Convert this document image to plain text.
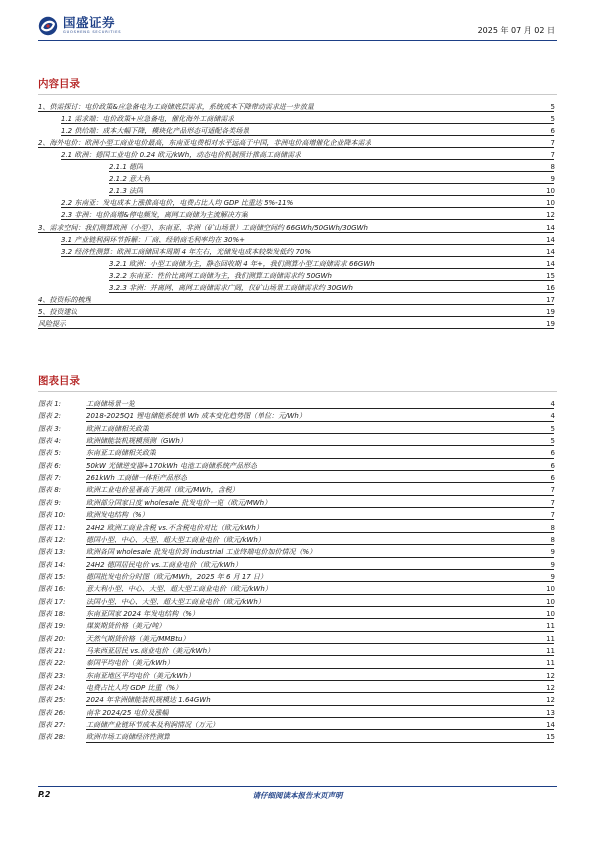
国盛证券
GUOSHENG SECURITIES	2025 年 07 月 02 日
内容目录
1、供需探讨：电价政策&应急备电为工商储底层需求，系统成本下降带动需求进一步放量	5
1.1 需求端：电价政策+应急备电，催化海外工商储需求	5
1.2 供给端：成本大幅下降，模块化产品形态可适配各类场景	6
2、海外电价：欧洲小型工商业电价最高，东南亚电费相对水平远高于中国，非洲电价高增催化企业降本需求	7
2.1 欧洲：德国工业电价 0.24 欧元/kWh，动态电价机制预计推高工商储需求	7
2.1.1 德国	8
2.1.2 意大利	9
2.1.3 法国	10
2.2 东南亚：发电成本上涨推高电价，电费占比人均 GDP 比重达 5%-11%	10
2.3 非洲：电价高增&停电频发，离网工商储为主流解决方案	12
3、需求空间：我们测算欧洲（小型）、东南亚、非洲（矿山场景）工商储空间约 66GWh/50GWh/30GWh	14
3.1 产业链利润环节拆解：厂商、经销商毛利率均在 30%+	14
3.2 经济性测算：欧洲工商储回本周期 4 年左右，光储发电成本较柴发低约 70%	14
3.2.1 欧洲：小型工商储为主，静态回收期 4 年+，我们测算小型工商储需求 66GWh	14
3.2.2 东南亚：性价比离网工商储为主，我们测算工商储需求约 50GWh	15
3.2.3 非洲：并离网、离网工商储需求广阔，仅矿山场景工商储需求约 30GWh	16
4、投资标的梳理	17
5、投资建议	19
风险提示	19
图表目录
图表 1:	工商储场景一览	4
图表 2:	2018-2025Q1 锂电储能系统单 Wh 成本变化趋势图（单位：元/Wh）	4
图表 3:	欧洲工商储相关政策	5
图表 4:	欧洲储能装机规模预测（GWh）	5
图表 5:	东南亚工商储相关政策	6
图表 6:	50kW 光储逆变器+170kWh 电池工商储系统产品形态	6
图表 7:	261kWh 工商储一体柜产品形态	6
图表 8:	欧洲工业电价显著高于美国（欧元/MWh，含税）	7
图表 9:	欧洲部分国家日度 wholesale 批发电价一览（欧元/MWh）	7
图表 10:	欧洲发电结构（%）	7
图表 11:	24H2 欧洲工商业含税 vs.不含税电价对比（欧元/kWh）	8
图表 12:	德国小型、中心、大型、超大型工商业电价（欧元/kWh）	8
图表 13:	欧洲各国 wholesale 批发电价到 industrial 工业终端电价加价情况（%）	9
图表 14:	24H2 德国居民电价 vs.工商业电价（欧元/kWh）	9
图表 15:	德国批发电价分时图（欧元/MWh，2025 年 6 月 17 日）	9
图表 16:	意大利小型、中心、大型、超大型工商业电价（欧元/kWh）	10
图表 17:	法国小型、中心、大型、超大型工商业电价（欧元/kWh）	10
图表 18:	东南亚国家 2024 年发电结构（%）	10
图表 19:	煤炭期货价格（美元/吨）	11
图表 20:	天然气期货价格（美元/MMBtu）	11
图表 21:	马来西亚居民 vs.商业电价（美元/kWh）	11
图表 22:	泰国平均电价（美元/kWh）	11
图表 23:	东南亚地区平均电价（美元/kWh）	12
图表 24:	电费占比人均 GDP 比重（%）	12
图表 25:	2024 年非洲储能装机规模达 1.64GWh	12
图表 26:	南非 2024/25 电价及涨幅	13
图表 27:	工商储产业链环节成本及利润情况（万元）	14
图表 28:	欧洲市场工商储经济性测算	15
P.2	请仔细阅读本报告末页声明
